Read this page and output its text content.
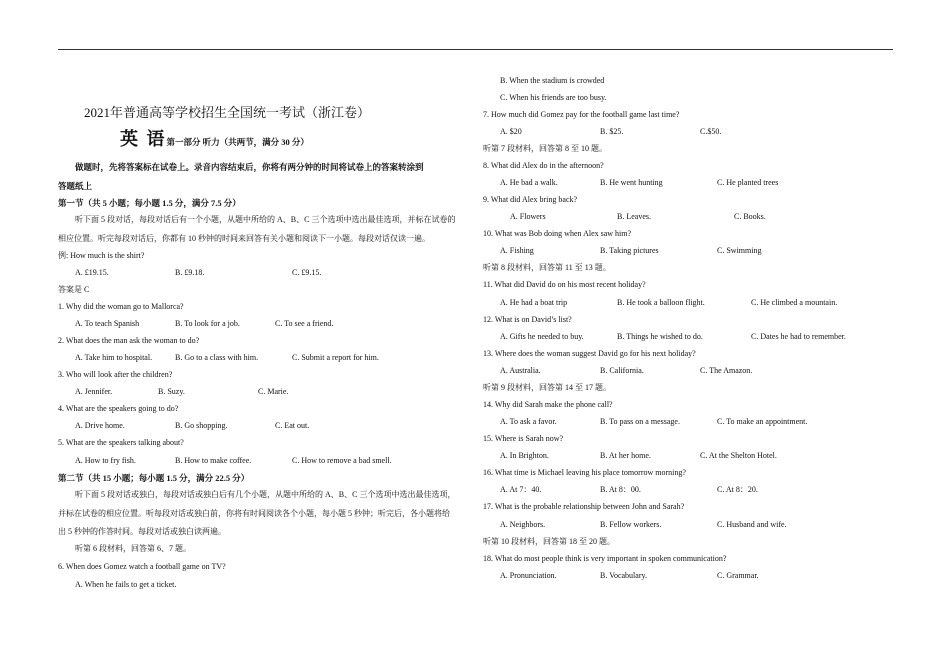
2021年普通高等学校招生全国统一考试（浙江卷）
英 语第一部分 听力（共两节，满分 30 分）
做题时，先将答案标在试卷上。录音内容结束后，你将有两分钟的时间将试卷上的答案转涂到
答题纸上
第一节（共 5 小题；每小题 1.5 分，满分 7.5 分）
听下面 5 段对话，每段对话后有一个小题，从题中所给的 A、B、C 三个选项中选出最佳选项，并标在试卷的
相应位置。听完每段对话后，你都有 10 秒钟的时间来回答有关小题和阅读下一小题。每段对话仅读一遍。
例: How much is the shirt?
A. £19.15.	B. £9.18.	C. £9.15.
答案是 C
1. Why did the woman go to Mallorca?
A. To teach Spanish	B. To look for a job.	C. To see a friend.
2. What does the man ask the woman to do?
A. Take him to hospital.	B. Go to a class with him.	C. Submit a report for him.
3. Who will look after the children?
A. Jennifer.	B. Suzy.	C. Marie.
4. What are the speakers going to do?
A. Drive home.	B. Go shopping.	C. Eat out.
5. What are the speakers talking about?
A. How to fry fish.	B. How to make coffee.	C. How to remove a bad smell.
第二节（共 15 小题；每小题 1.5 分，满分 22.5 分）
听下面 5 段对话或独白，每段对话或独白后有几个小题，从题中所给的 A、B、C 三个选项中选出最佳选项，
并标在试卷的相应位置。听每段对话或独白前，你将有时间阅读各个小题，每小题 5 秒钟；听完后，各小题将给
出 5 秒钟的作答时间。每段对话或独白读两遍。
听第 6 段材料，回答第 6、7 题。
6. When does Gomez watch a football game on TV?
A. When he fails to get a ticket.
B. When the stadium is crowded
C. When his friends are too busy.
7. How much did Gomez pay for the football game last time?
A. $20	B. $25.	C.$50.
听第 7 段材料，回答第 8 至 10 题。
8. What did Alex do in the afternoon?
A. He bad a walk.	B. He went hunting	C. He planted trees
9. What did Alex bring back?
A. Flowers	B. Leaves.	C. Books.
10. What was Bob doing when Alex saw him?
A. Fishing	B. Taking pictures	C. Swimming
听第 8 段材料，回答第 11 至 13 题。
11. What did David do on his most recent holiday?
A. He had a boat trip	B. He took a balloon flight.	C. He climbed a mountain.
12. What is on David’s list?
A. Gifts he needed to buy.	B. Things he wished to do.	C. Dates he had to remember.
13. Where does the woman suggest David go for his next holiday?
A. Australia.	B. California.	C. The Amazon.
听第 9 段材料，回答第 14 至 17 题。
14. Why did Sarah make the phone call?
A. To ask a favor.	B. To pass on a message.	C. To make an appointment.
15. Where is Sarah now?
A. In Brighton.	B. At her home.	C. At the Shelton Hotel.
16. What time is Michael leaving his place tomorrow morning?
A. At 7：40.	B. At 8：00.	C. At 8：20.
17. What is the probable relationship between John and Sarah?
A. Neighbors.	B. Fellow workers.	C. Husband and wife.
听第 10 段材料，回答第 18 至 20 题。
18. What do most people think is very important in spoken communication?
A. Pronunciation.	B. Vocabulary.	C. Grammar.
